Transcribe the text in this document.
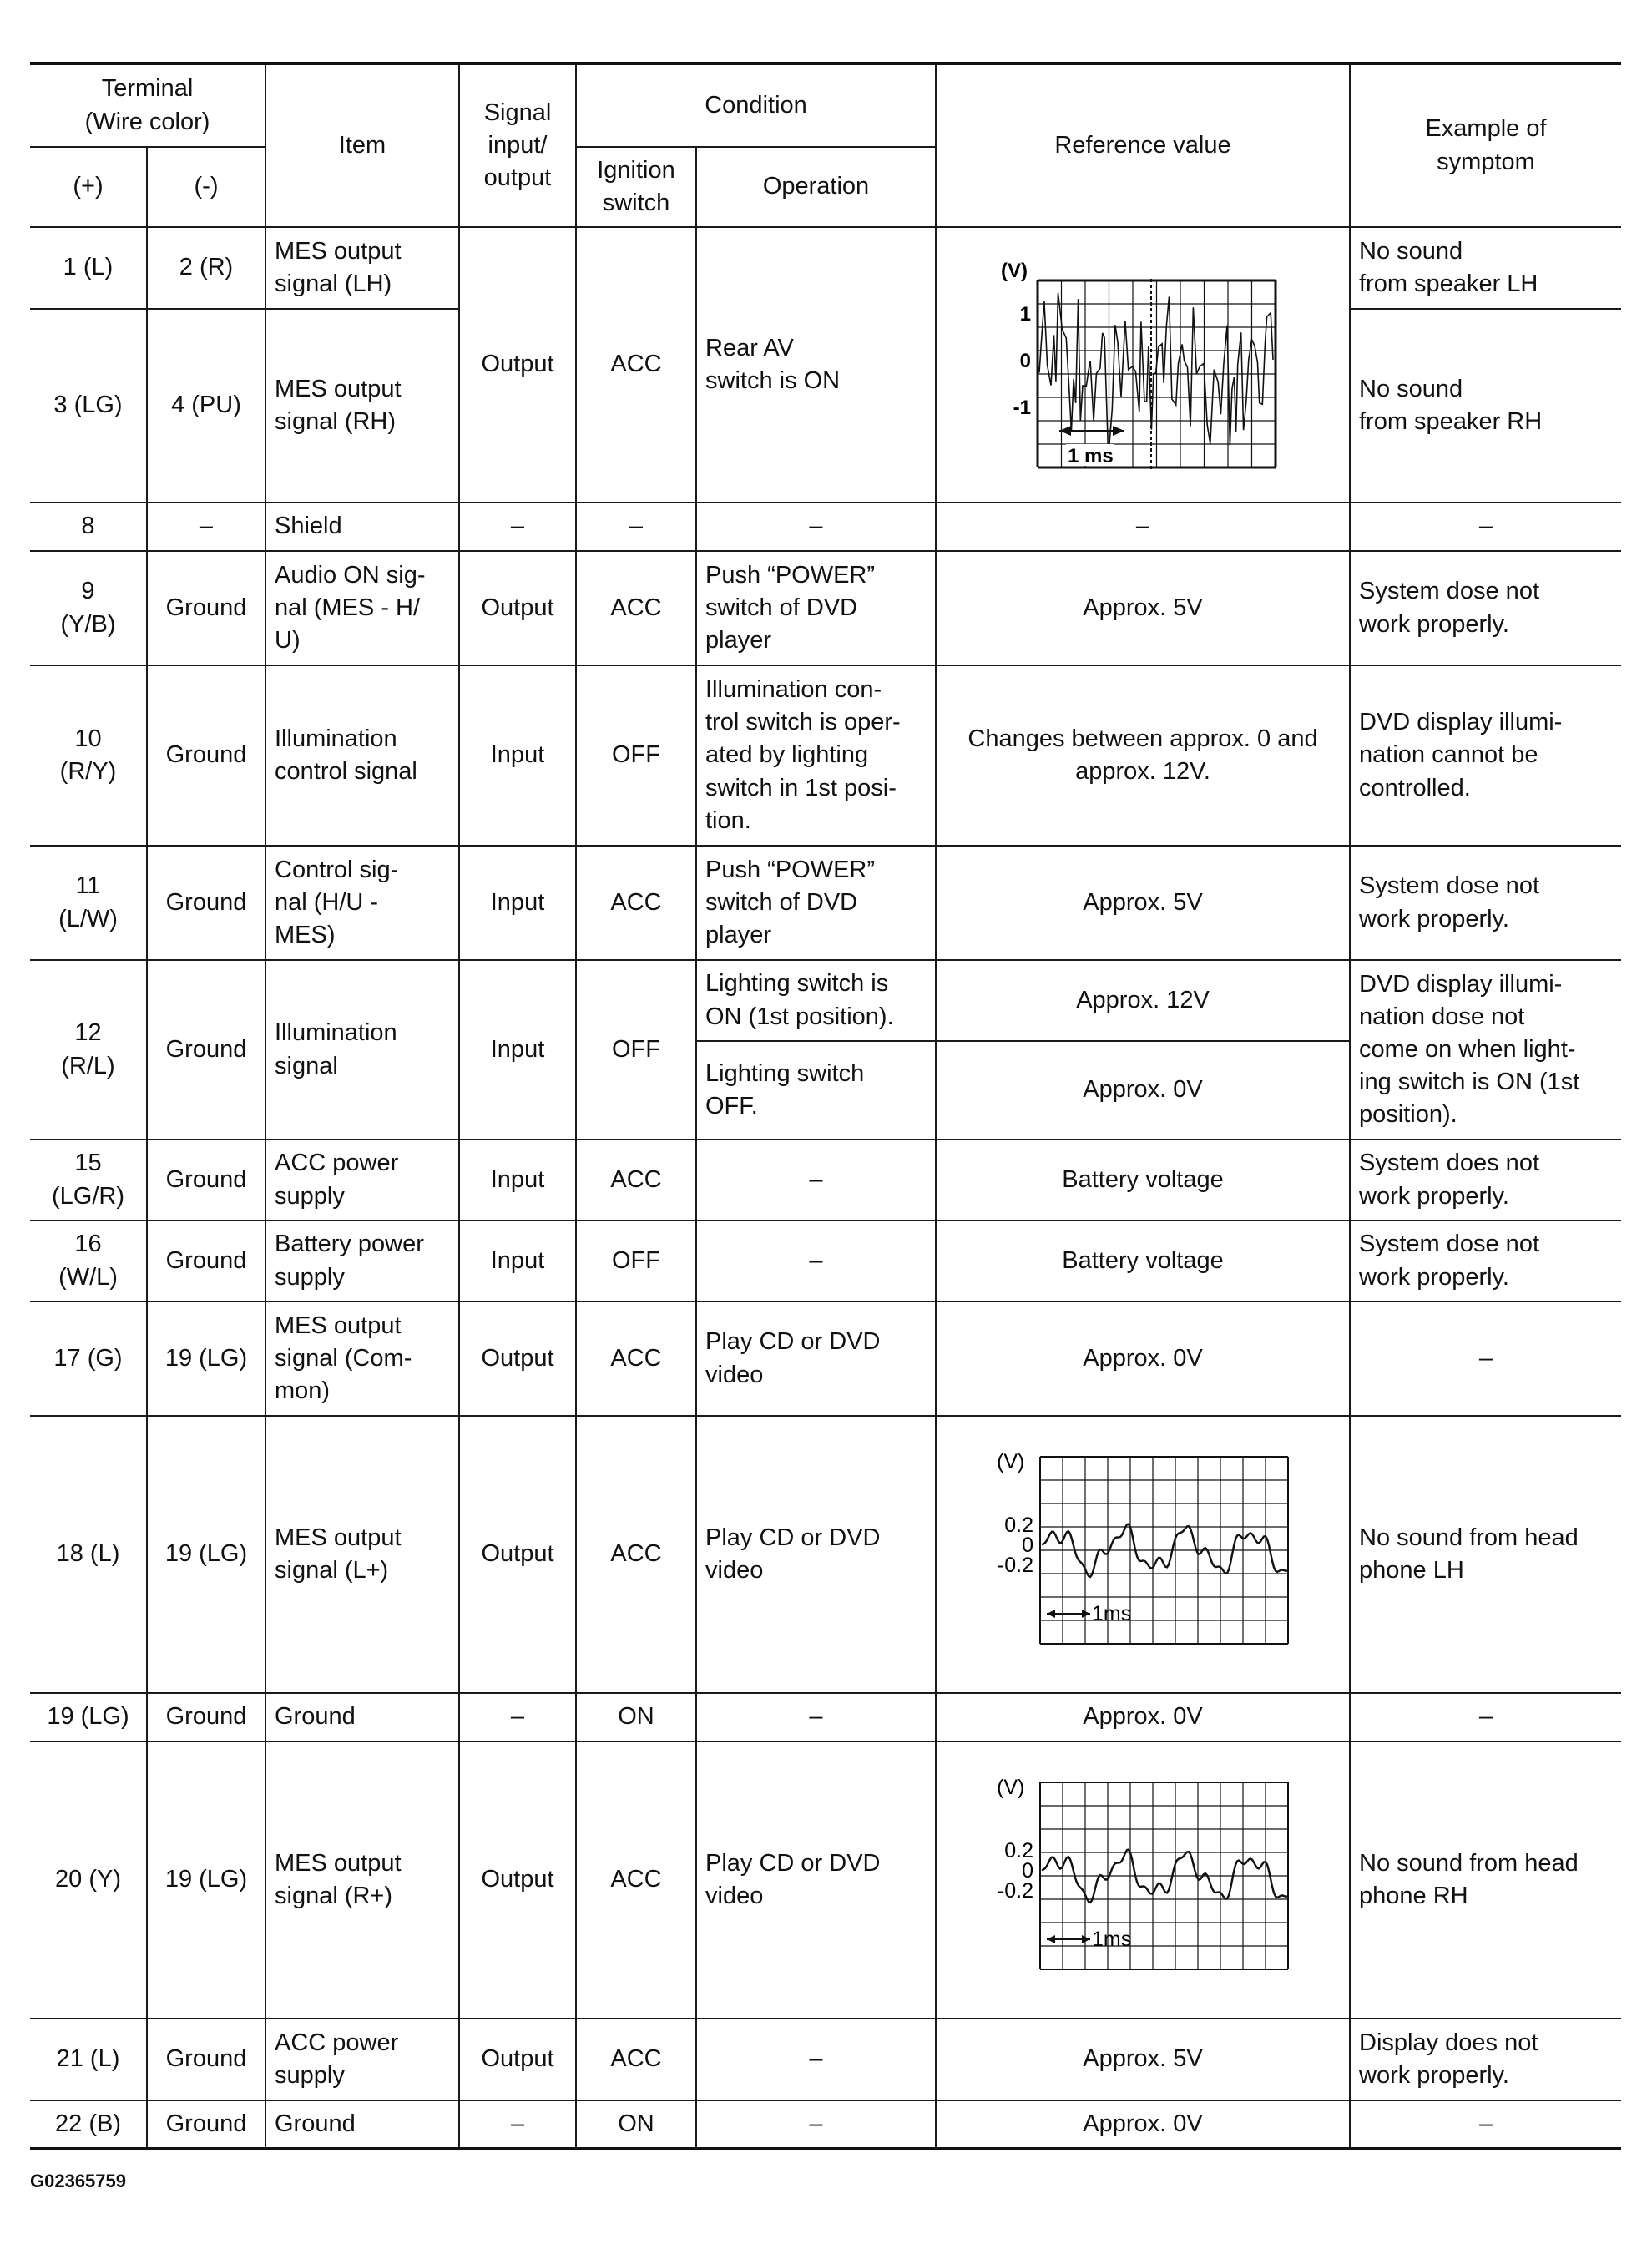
Terminal
(Wire color)		Item	Signal
input/
output	Condition		Reference value	Example of
symptom
(+)	(-)			Ignition
switch	Operation		
1 (L)	2 (R)	MES output
signal (LH)	Output	ACC	Rear AV
switch is ON	(V)
1
0
-1
1 ms	No sound
from speaker LH
3 (LG)	4 (PU)	MES output
signal (RH)					No sound
from speaker RH
8	–	Shield	–	–	–	–	–
9
(Y/B)	Ground	Audio ON sig-
nal (MES - H/
U)	Output	ACC	Push “POWER”
switch of DVD
player	Approx. 5V	System dose not
work properly.
10
(R/Y)	Ground	Illumination
control signal	Input	OFF	Illumination con-
trol switch is oper-
ated by lighting
switch in 1st posi-
tion.	Changes between approx. 0 and
approx. 12V.	DVD display illumi-
nation cannot be
controlled.
11
(L/W)	Ground	Control sig-
nal (H/U -
MES)	Input	ACC	Push “POWER”
switch of DVD
player	Approx. 5V	System dose not
work properly.
12
(R/L)	Ground	Illumination
signal	Input	OFF	Lighting switch is
ON (1st position).	Approx. 12V	DVD display illumi-
nation dose not
come on when light-
ing switch is ON (1st
position).
					Lighting switch
OFF.	Approx. 0V	
15
(LG/R)	Ground	ACC power
supply	Input	ACC	–	Battery voltage	System does not
work properly.
16
(W/L)	Ground	Battery power
supply	Input	OFF	–	Battery voltage	System dose not
work properly.
17 (G)	19 (LG)	MES output
signal (Com-
mon)	Output	ACC	Play CD or DVD
video	Approx. 0V	–
18 (L)	19 (LG)	MES output
signal (L+)	Output	ACC	Play CD or DVD
video	(V)
0.2
0
-0.2
1ms	No sound from head
phone LH
19 (LG)	Ground	Ground	–	ON	–	Approx. 0V	–
20 (Y)	19 (LG)	MES output
signal (R+)	Output	ACC	Play CD or DVD
video	(V)
0.2
0
-0.2
1ms	No sound from head
phone RH
21 (L)	Ground	ACC power
supply	Output	ACC	–	Approx. 5V	Display does not
work properly.
22 (B)	Ground	Ground	–	ON	–	Approx. 0V	–
G02365759
